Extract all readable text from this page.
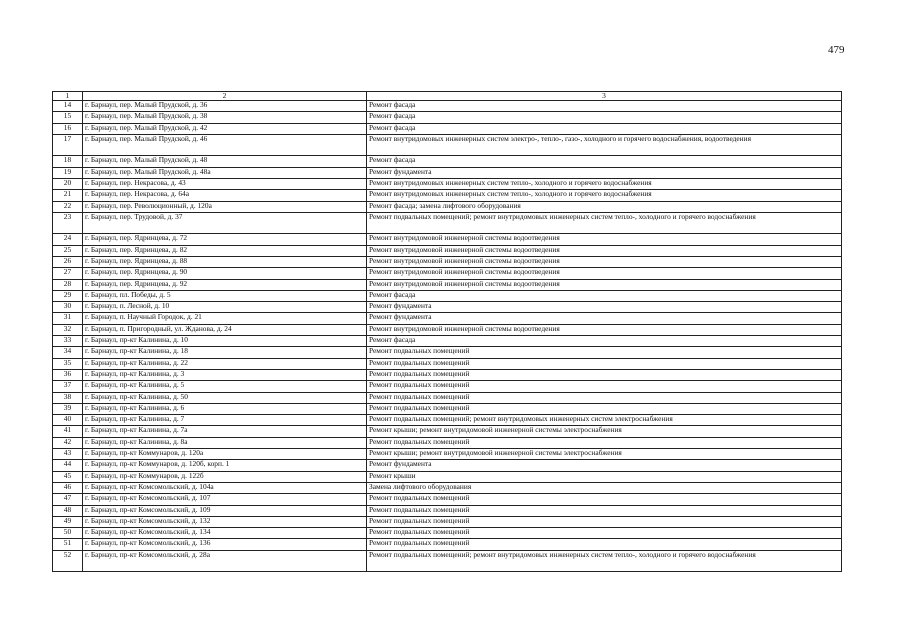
479
1	2	3
14	г. Барнаул, пер. Малый Прудской, д. 36	Ремонт фасада
15	г. Барнаул, пер. Малый Прудской, д. 38	Ремонт фасада
16	г. Барнаул, пер. Малый Прудской, д. 42	Ремонт фасада
17	г. Барнаул, пер. Малый Прудской, д. 46	Ремонт внутридомовых инженерных систем электро-, тепло-, газо-, холодного и горячего водоснабжения, водоотведения
18	г. Барнаул, пер. Малый Прудской, д. 48	Ремонт фасада
19	г. Барнаул, пер. Малый Прудской, д. 48а	Ремонт фундамента
20	г. Барнаул, пер. Некрасова, д. 43	Ремонт внутридомовых инженерных систем тепло-, холодного и горячего водоснабжения
21	г. Барнаул, пер. Некрасова, д. 64а	Ремонт внутридомовых инженерных систем тепло-, холодного и горячего водоснабжения
22	г. Барнаул, пер. Революционный, д. 120а	Ремонт фасада; замена лифтового оборудования
23	г. Барнаул, пер. Трудовой, д. 37	Ремонт подвальных помещений; ремонт внутридомовых инженерных систем тепло-, холодного и горячего водоснабжения
24	г. Барнаул, пер. Ядринцева, д. 72	Ремонт внутридомовой инженерной системы водоотведения
25	г. Барнаул, пер. Ядринцева, д. 82	Ремонт внутридомовой инженерной системы водоотведения
26	г. Барнаул, пер. Ядринцева, д. 88	Ремонт внутридомовой инженерной системы водоотведения
27	г. Барнаул, пер. Ядринцева, д. 90	Ремонт внутридомовой инженерной системы водоотведения
28	г. Барнаул, пер. Ядринцева, д. 92	Ремонт внутридомовой инженерной системы водоотведения
29	г. Барнаул, пл. Победы, д. 5	Ремонт фасада
30	г. Барнаул, п. Лесной, д. 10	Ремонт фундамента
31	г. Барнаул, п. Научный Городок, д. 21	Ремонт фундамента
32	г. Барнаул, п. Пригородный, ул. Жданова, д. 24	Ремонт внутридомовой инженерной системы водоотведения
33	г. Барнаул, пр-кт Калинина, д. 10	Ремонт фасада
34	г. Барнаул, пр-кт Калинина, д. 18	Ремонт подвальных помещений
35	г. Барнаул, пр-кт Калинина, д. 22	Ремонт подвальных помещений
36	г. Барнаул, пр-кт Калинина, д. 3	Ремонт подвальных помещений
37	г. Барнаул, пр-кт Калинина, д. 5	Ремонт подвальных помещений
38	г. Барнаул, пр-кт Калинина, д. 50	Ремонт подвальных помещений
39	г. Барнаул, пр-кт Калинина, д. 6	Ремонт подвальных помещений
40	г. Барнаул, пр-кт Калинина, д. 7	Ремонт подвальных помещений; ремонт внутридомовых инженерных систем электроснабжения
41	г. Барнаул, пр-кт Калинина, д. 7а	Ремонт крыши; ремонт внутридомовой инженерной системы электроснабжения
42	г. Барнаул, пр-кт Калинина, д. 8а	Ремонт подвальных помещений
43	г. Барнаул, пр-кт Коммунаров, д. 120а	Ремонт крыши; ремонт внутридомовой инженерной системы электроснабжения
44	г. Барнаул, пр-кт Коммунаров, д. 120б, корп. 1	Ремонт фундамента
45	г. Барнаул, пр-кт Коммунаров, д. 122б	Ремонт крыши
46	г. Барнаул, пр-кт Комсомольский, д. 104а	Замена лифтового оборудования
47	г. Барнаул, пр-кт Комсомольский, д. 107	Ремонт подвальных помещений
48	г. Барнаул, пр-кт Комсомольский, д. 109	Ремонт подвальных помещений
49	г. Барнаул, пр-кт Комсомольский, д. 132	Ремонт подвальных помещений
50	г. Барнаул, пр-кт Комсомольский, д. 134	Ремонт подвальных помещений
51	г. Барнаул, пр-кт Комсомольский, д. 136	Ремонт подвальных помещений
52	г. Барнаул, пр-кт Комсомольский, д. 28а	Ремонт подвальных помещений; ремонт внутридомовых инженерных систем тепло-, холодного и горячего водоснабжения
